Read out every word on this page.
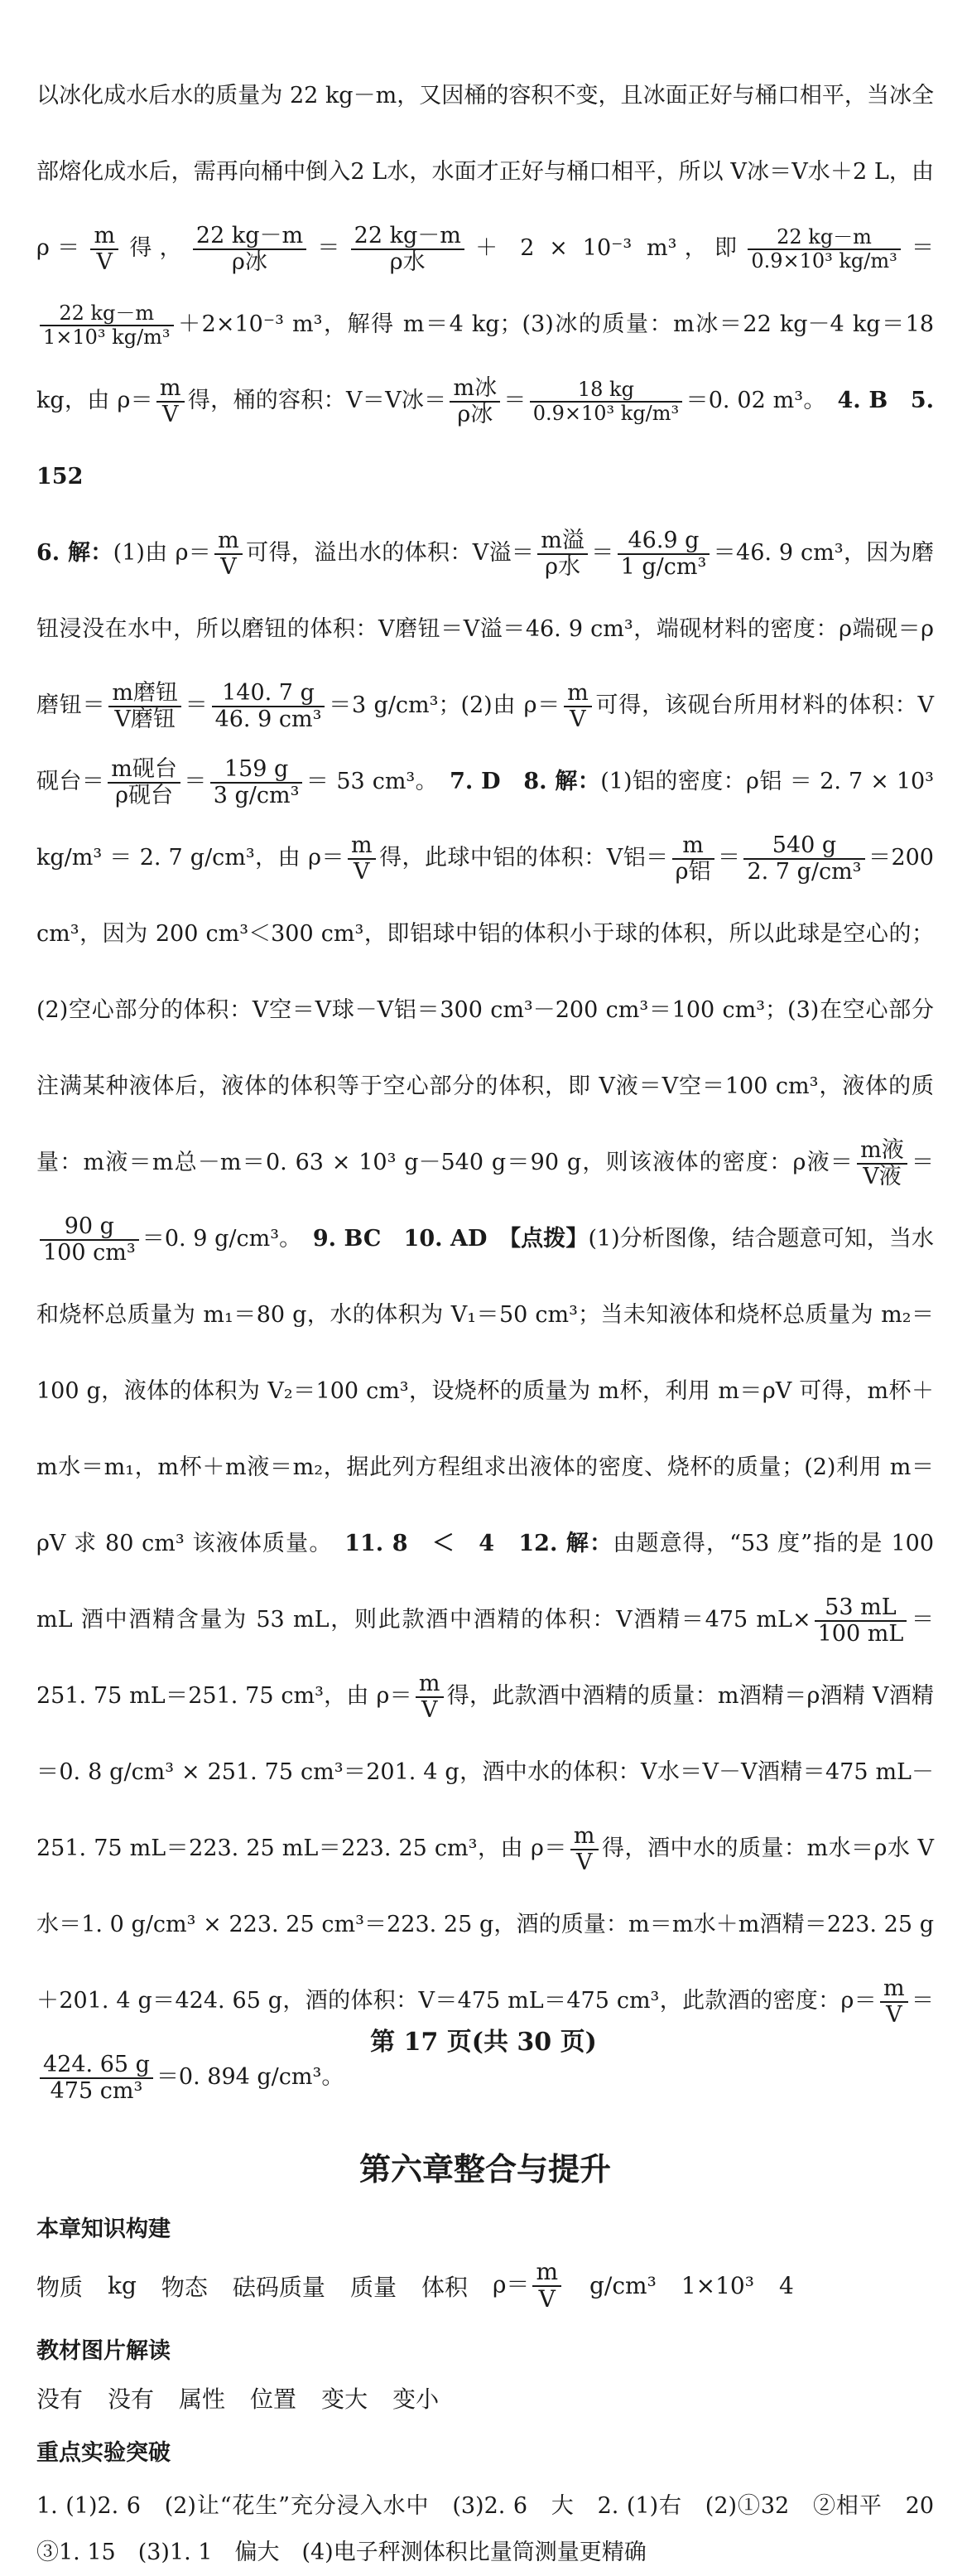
以冰化成水后水的质量为 22 kg－m，又因桶的容积不变，且冰面正好与桶口相平，当冰全部熔化成水后，需再向桶中倒入2 L水，水面才正好与桶口相平，所以 V冰＝V水＋2 L，由 $\rho= \frac{m}{V}$ 得， $\frac{22 kg-m}{\text{ρ冰}} = \frac{22 kg-m}{\text{ρ水}} + 2 \times 10^{-3}$ m³，即 $\frac{22 kg-m}{\text{0.9×10³ kg/m³}}$ ＝
$\frac{22 kg-m}{\text{1×10³ kg/m³}} +2\times 10^{-3}$ m³，解得 m＝4 kg；(3)冰的质量：m冰＝22 kg－4 kg＝18 kg，由 $\rho= \frac{m}{V}$ 得，桶的容积：V＝V冰＝ $\frac{\text{m冰}}{\text{ρ冰}} = \frac{18 kg}{\text{0.9×10³ kg/m³}} =0$. 02 m³。　 4. B　 5. 152

6. 解：(1)由 $\rho= \frac{m}{V}$ 可得，溢出水的体积：V溢＝ $\frac{\text{m溢}}{\text{ρ水}} = \frac{46.9 g}{\text{1 g/cm³}} =46$. 9 cm³，因为磨钮浸没在水中，所以磨钮的体积：V磨钮＝V溢＝46. 9 cm³，端砚材料的密度：ρ端砚＝ρ磨钮＝ $\frac{\text{m磨钮}}{\text{V磨钮}} = \frac{140. 7 g}{\text{46. 9 cm³}} =3$ g/cm³；(2)由 $\rho= \frac{m}{V}$ 可得，该砚台所用材料的体积：V砚台＝ $\frac{\text{m砚台}}{\text{ρ砚台}} = \frac{159 g}{\text{3 g/cm³}} = 53$ cm³。　 7. D　 8. 解：(1)铝的密度：ρ铝 ＝ 2. 7 × 10³ kg/m³ ＝ 2. 7 g/cm³，由 $\rho= \frac{m}{V}$ 得，此球中铝的体积：V铝＝ $\frac{m}{\text{ρ铝}} = \frac{540 g}{\text{2. 7 g/cm³}} =200$ cm³，因为 200 cm³＜300 cm³，即铝球中铝的体积小于球的体积，所以此球是空心的；(2)空心部分的体积：V空＝V球－V铝＝300 cm³－200 cm³＝100 cm³；(3)在空心部分注满某种液体后，液体的体积等于空心部分的体积，即 V液＝V空＝100 cm³，液体的质量：m液＝m总－m＝0. 63 × 10³ g－540 g＝90 g，则该液体的密度：ρ液＝ $\frac{\text{m液}}{\text{V液}}$ ＝
$\frac{90 g}{\text{100 cm³}} =0$. 9 g/cm³。　 9. BC　 10. AD　 【点拨】(1)分析图像，结合题意可知，当水和烧杯总质量为 m₁＝80 g，水的体积为 V₁＝50 cm³；当未知液体和烧杯总质量为 m₂＝100 g，液体的体积为 V₂＝100 cm³，设烧杯的质量为 m杯，利用 m＝ρV 可得，m杯＋m水＝m₁，m杯＋m液＝m₂，据此列方程组求出液体的密度、烧杯的质量；(2)利用 m＝ρV 求 80 cm³ 该液体质量。　 11. 8　＜　4　 12. 解：由题意得，“53 度”指的是 100 mL 酒中酒精含量为 53 mL，则此款酒中酒精的体积：V酒精＝475 $mL\times \frac{53 mL}{100 mL} =251$. 75 mL＝251. 75 cm³，由 $\rho= \frac{m}{V}$ 得，此款酒中酒精的质量：m酒精＝ρ酒精 V酒精＝0. 8 g/cm³ × 251. 75 cm³＝201. 4 g，酒中水的体积：V水＝V－V酒精＝475 mL－251. 75 mL＝223. 25 mL＝223. 25 cm³，由 $\rho= \frac{m}{V}$ 得，酒中水的质量：m水＝ρ水 V水＝1. 0 g/cm³ × 223. 25 cm³＝223. 25 g，酒的质量：m＝m水＋m酒精＝223. 25 g＋201. 4 g＝424. 65 g，酒的体积：V＝475 mL＝475 cm³，此款酒的密度：$\rho= \frac{m}{V}$ ＝
$\frac{424. 65 g}{\text{475 cm³}} =0$. 894 g/cm³。

第六章整合与提升
本章知识构建
物质 kg 物态 砝码质量 质量 体积 $\rho= \frac{m}{V} g/cm^3$ 1×10³ 4
教材图片解读
没有 没有 属性 位置 变大 变小
重点实验突破

1. (1)2. 6　(2)让“花生”充分浸入水中　(3)2. 6　大　2. (1)右　(2)①32　②相平　20　③1. 15　(3)1. 1　偏大　(4)电子秤测体积比量筒测量更精确

第 17 页(共 30 页)
